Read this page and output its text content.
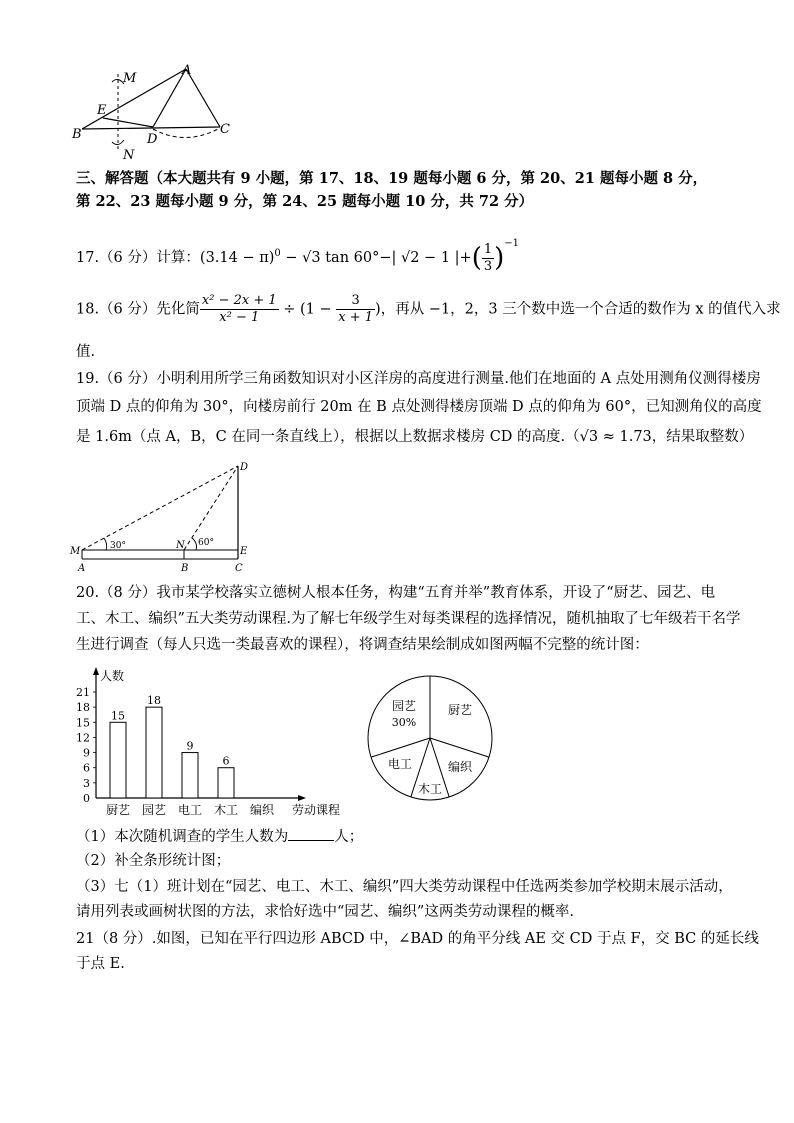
M
A
E
B	D
C
N
三、解答题（本大题共有 9 小题，第 17、18、19 题每小题 6 分，第 20、21 题每小题 8 分，
第 22、23 题每小题 9 分，第 24、25 题每小题 10 分，共 72 分）
17.（6 分）计算：$(3.14 - \pi)^0 - √3$ tan 60°−| √2 − 1 |+( $\frac{1}{3} )^{-1}$
18.（6 分）先化简 $\frac{\text{x² − 2x + 1}}{\text{x² − 1}} \div (1 - \frac{3}{x + 1}$ )，再从 −1，2，3 三个数中选一个合适的数作为 x 的值代入求
值.
19.（6 分）小明利用所学三角函数知识对小区洋房的高度进行测量.他们在地面的 A 点处用测角仪测得楼房
顶端 D 点的仰角为 30°，向楼房前行 20m 在 B 点处测得楼房顶端 D 点的仰角为 60°，已知测角仪的高度
是 1.6m（点 A，B，C 在同一条直线上），根据以上数据求楼房 CD 的高度.（√3 ≈ 1.73，结果取整数）
D
M
N
E
A	B	C
30°	60°
20.（8 分）我市某学校落实立德树人根本任务，构建“五育并举”教育体系，开设了“厨艺、园艺、电
工、木工、编织”五大类劳动课程.为了解七年级学生对每类课程的选择情况，随机抽取了七年级若干名学
生进行调查（每人只选一类最喜欢的课程），将调查结果绘制成如图两幅不完整的统计图：
人数
0
3
6
9
12
15
18
21
15
厨艺
18
园艺
9
电工
6
木工 编织 劳动课程
园艺
30%
厨艺
编织
木工
电工
（1）本次随机调查的学生人数为	人；
（2）补全条形统计图；
（3）七（1）班计划在“园艺、电工、木工、编织”四大类劳动课程中任选两类参加学校期末展示活动，
请用列表或画树状图的方法，求恰好选中“园艺、编织”这两类劳动课程的概率.
21（8 分）.如图，已知在平行四边形 ABCD 中，∠BAD 的角平分线 AE 交 CD 于点 F，交 BC 的延长线
于点 E.
